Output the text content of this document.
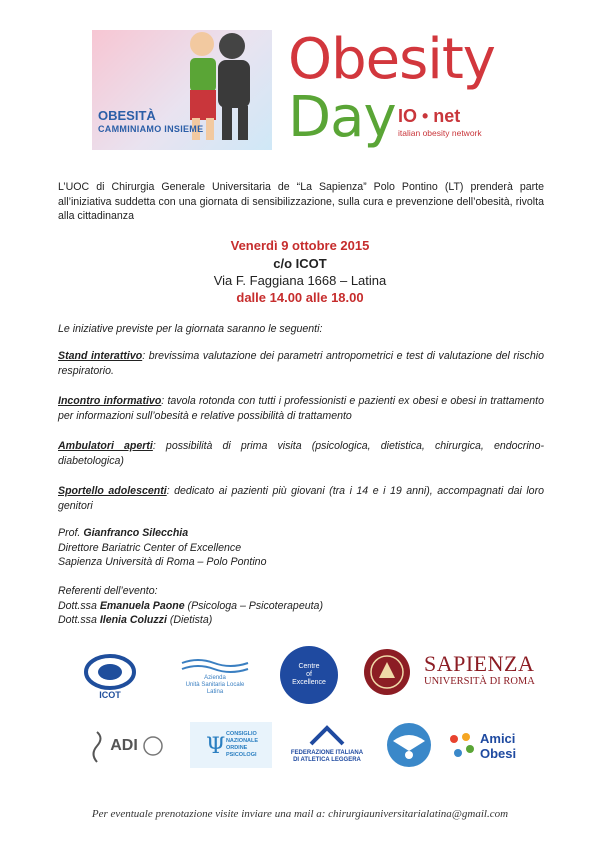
OBESITÀ
CAMMINIAMO INSIEME
Obesity
Day IO • net
italian obesity network
L’UOC di Chirurgia Generale Universitaria de “La Sapienza” Polo Pontino (LT) prenderà parte all’iniziativa suddetta con una giornata di sensibilizzazione, sulla cura e prevenzione dell’obesità, rivolta alla cittadinanza
Venerdì 9 ottobre 2015
c/o ICOT
Via F. Faggiana 1668 – Latina
dalle 14.00 alle 18.00
Le iniziative previste per la giornata saranno le seguenti:
Stand interattivo: brevissima valutazione dei parametri antropometrici e test di valutazione del rischio respiratorio.
Incontro informativo: tavola rotonda con tutti i professionisti e pazienti ex obesi e obesi in trattamento per informazioni sull’obesità e relative possibilità di trattamento
Ambulatori aperti: possibilità di prima visita (psicologica, dietistica, chirurgica, endocrino-diabetologica)
Sportello adolescenti: dedicato ai pazienti più giovani (tra i 14 e i 19 anni), accompagnati dai loro genitori
Prof. Gianfranco Silecchia
Direttore Bariatric Center of Excellence
Sapienza Università di Roma – Polo Pontino
Referenti dell’evento:
Dott.ssa Emanuela Paone (Psicologa – Psicoterapeuta)
Dott.ssa Ilenia Coluzzi (Dietista)
ICOT
Azienda
Unità Sanitaria Locale
Latina
Centre
of
Excellence
SAPIENZA
UNIVERSITÀ DI ROMA
ADI	Ψ CONSIGLIO
NAZIONALE
ORDINE
PSICOLOGI	FEDERAZIONE ITALIANA
DI ATLETICA LEGGERA
Amici Obesi
Per eventuale prenotazione visite inviare una mail a: chirurgiauniversitarialatina@gmail.com
